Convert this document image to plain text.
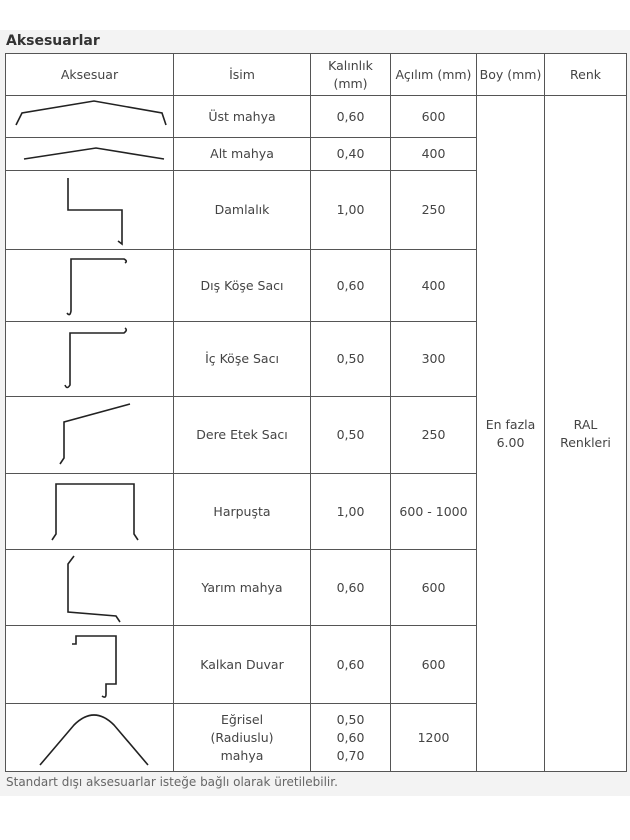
Aksesuarlar
Aksesuar	İsim	Kalınlık (mm)	Açılım (mm)	Boy (mm)	Renk

	Üst mahya	0,60	600	En fazla 6.00	RAL Renkleri

	Alt mahya	0,40	400		

	Damlalık	1,00	250		

	Dış Köşe Sacı	0,60	400		

	İç Köşe Sacı	0,50	300		

	Dere Etek Sacı	0,50	250		

	Harpuşta	1,00	600 - 1000		

	Yarım mahya	0,60	600		

	Kalkan Duvar	0,60	600		

	Eğrisel (Radiuslu) mahya	0,50 0,60 0,70	1200		
Standart dışı aksesuarlar isteğe bağlı olarak üretilebilir.
